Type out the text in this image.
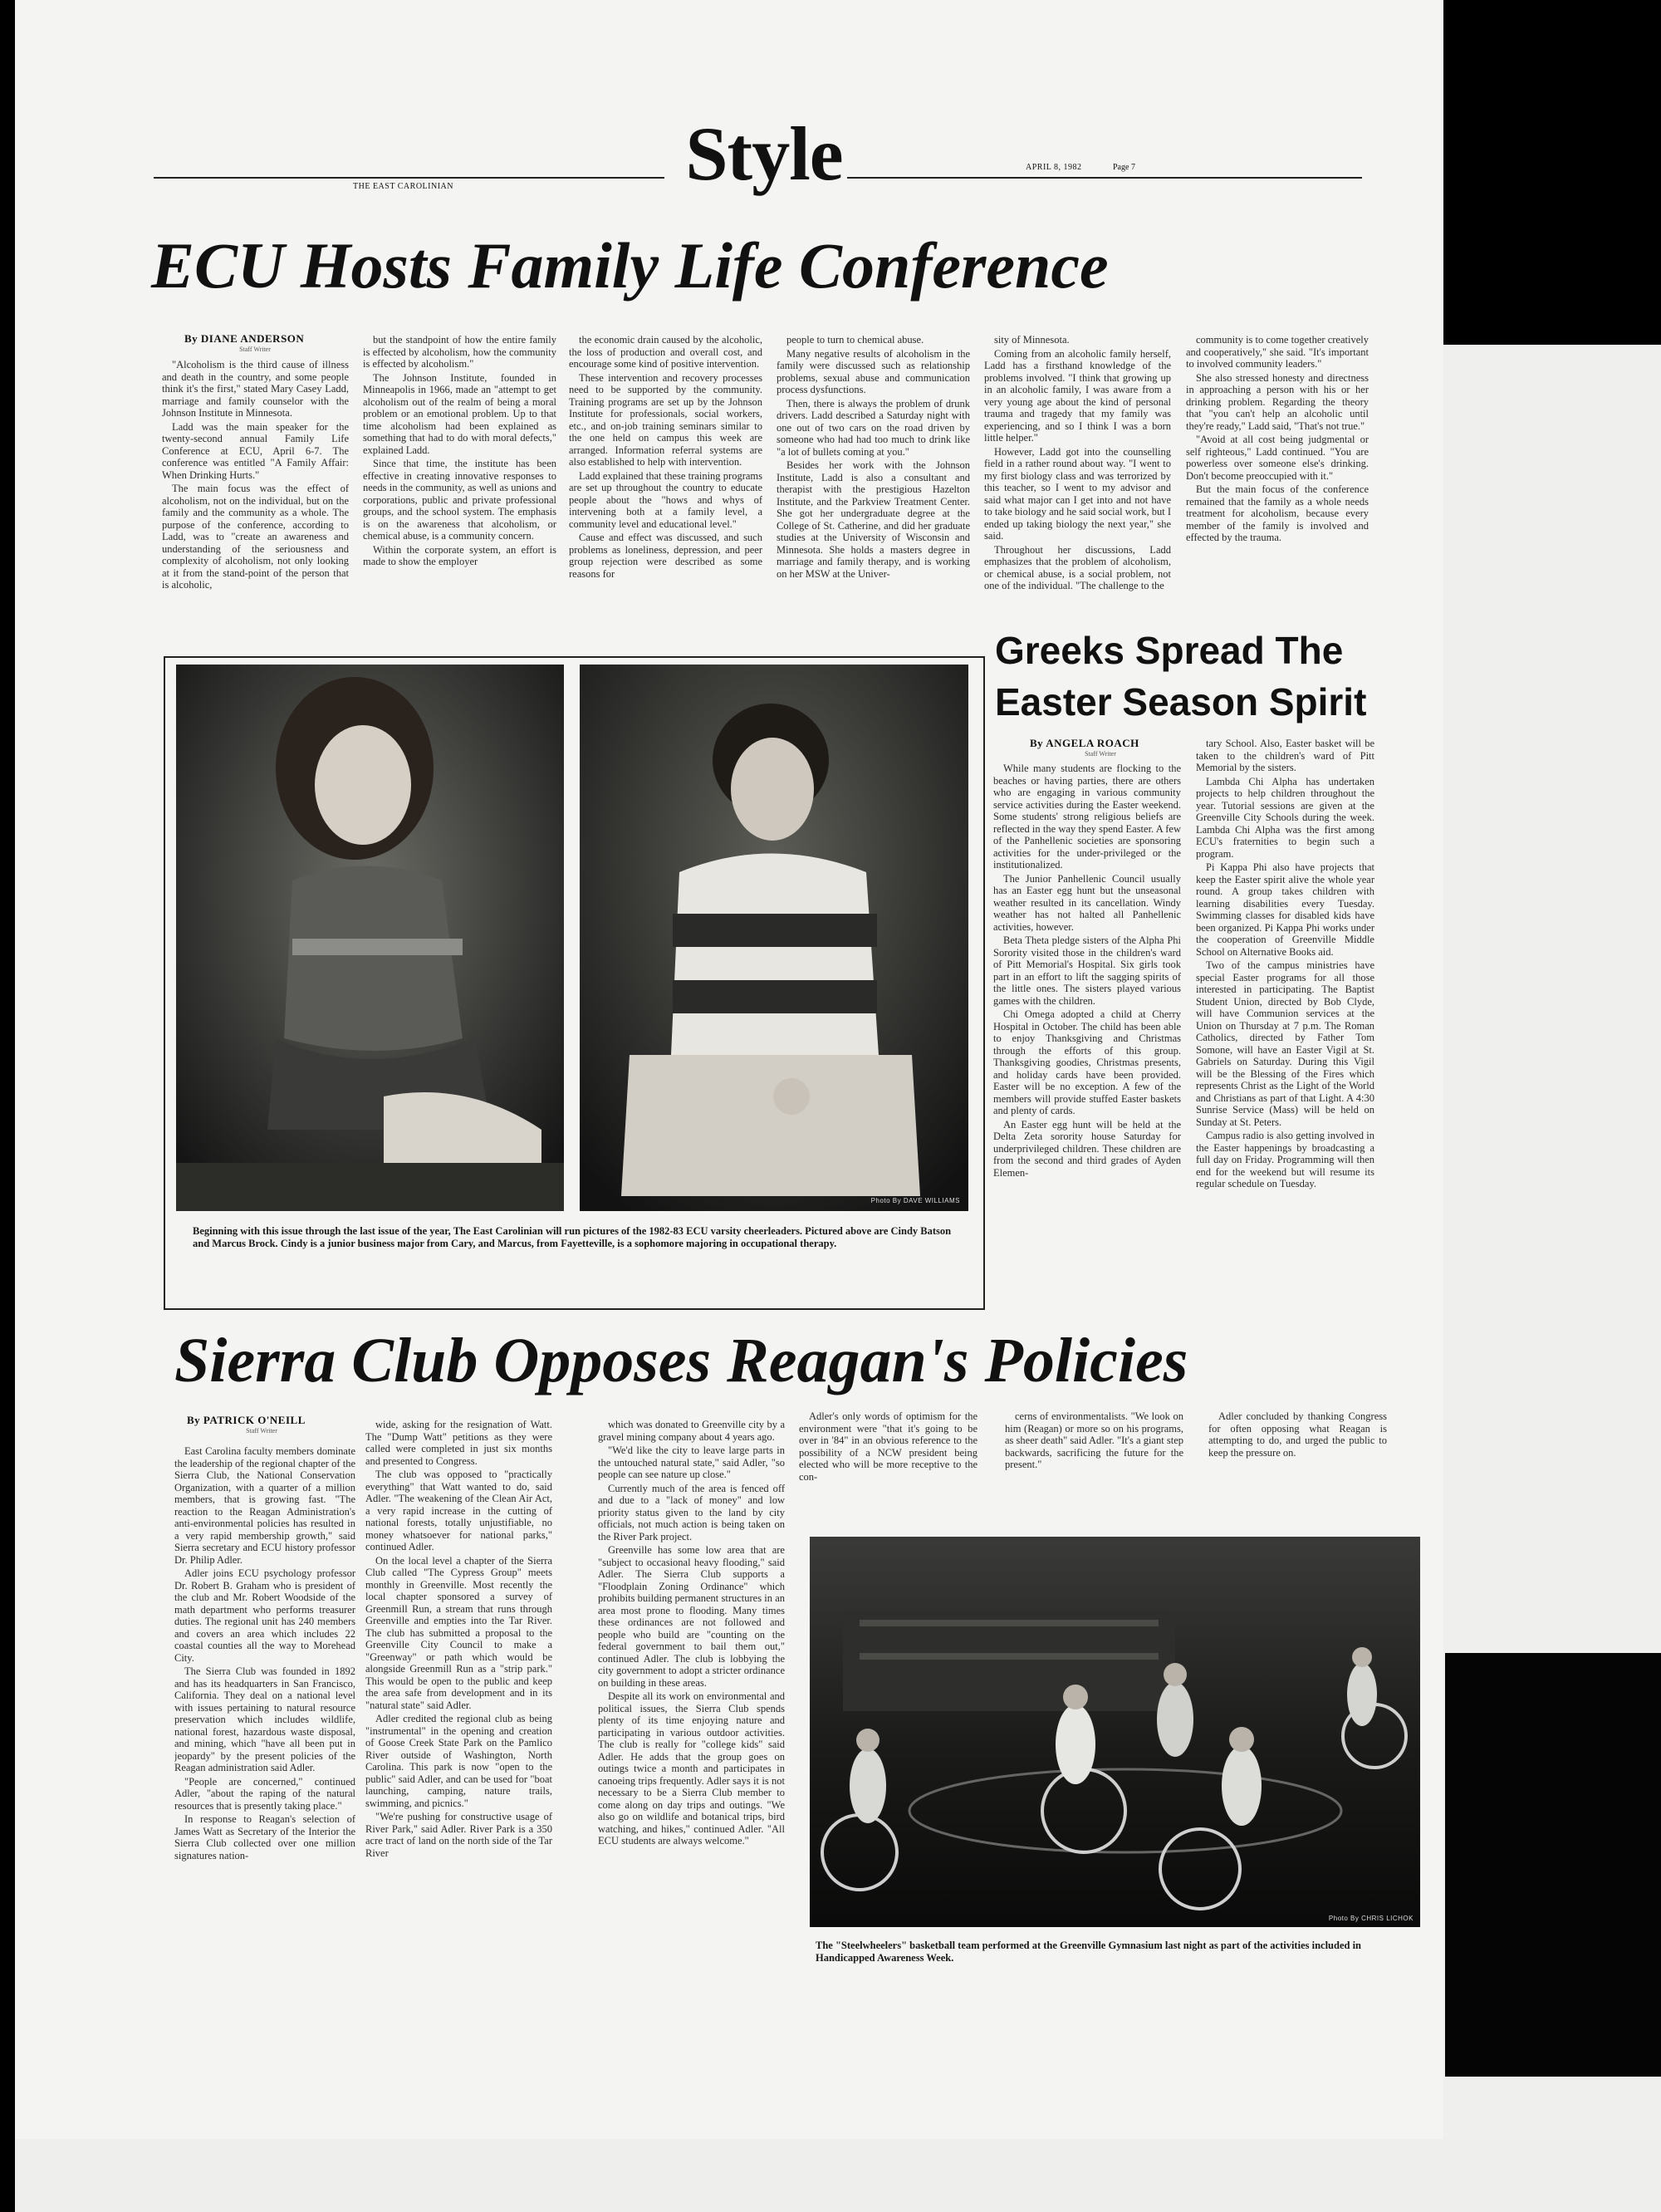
Style
THE EAST CAROLINIAN
APRIL 8, 1982	Page 7
ECU Hosts Family Life Conference

By DIANE ANDERSON

Staff Writer

"Alcoholism is the third cause of illness and death in the country, and some people think it's the first," stated Mary Casey Ladd, marriage and family counselor with the Johnson Institute in Minnesota.

Ladd was the main speaker for the twenty-second annual Family Life Conference at ECU, April 6-7. The conference was entitled "A Family Affair: When Drinking Hurts."

The main focus was the effect of alcoholism, not on the individual, but on the family and the community as a whole. The purpose of the conference, according to Ladd, was to "create an awareness and understanding of the seriousness and complexity of alcoholism, not only looking at it from the stand-point of the person that is alcoholic,

but the standpoint of how the entire family is effected by alcoholism, how the community is effected by alcoholism."

The Johnson Institute, founded in Minneapolis in 1966, made an "attempt to get alcoholism out of the realm of being a moral problem or an emotional problem. Up to that time alcoholism had been explained as something that had to do with moral defects," explained Ladd.

Since that time, the institute has been effective in creating innovative responses to needs in the community, as well as unions and corporations, public and private professional groups, and the school system. The emphasis is on the awareness that alcoholism, or chemical abuse, is a community concern.

Within the corporate system, an effort is made to show the employer

the economic drain caused by the alcoholic, the loss of production and overall cost, and encourage some kind of positive intervention.

These intervention and recovery processes need to be supported by the community. Training programs are set up by the Johnson Institute for professionals, social workers, etc., and on-job training seminars similar to the one held on campus this week are arranged. Information referral systems are also established to help with intervention.

Ladd explained that these training programs are set up throughout the country to educate people about the "hows and whys of intervening both at a family level, a community level and educational level."

Cause and effect was discussed, and such problems as loneliness, depression, and peer group rejection were described as some reasons for

people to turn to chemical abuse.

Many negative results of alcoholism in the family were discussed such as relationship problems, sexual abuse and communication process dysfunctions.

Then, there is always the problem of drunk drivers. Ladd described a Saturday night with one out of two cars on the road driven by someone who had had too much to drink like "a lot of bullets coming at you."

Besides her work with the Johnson Institute, Ladd is also a consultant and therapist with the prestigious Hazelton Institute, and the Parkview Treatment Center. She got her undergraduate degree at the College of St. Catherine, and did her graduate studies at the University of Wisconsin and Minnesota. She holds a masters degree in marriage and family therapy, and is working on her MSW at the Univer-

sity of Minnesota.

Coming from an alcoholic family herself, Ladd has a firsthand knowledge of the problems involved. "I think that growing up in an alcoholic family, I was aware from a very young age about the kind of personal trauma and tragedy that my family was experiencing, and so I think I was a born little helper."

However, Ladd got into the counselling field in a rather round about way. "I went to my first biology class and was terrorized by this teacher, so I went to my advisor and said what major can I get into and not have to take biology and he said social work, but I ended up taking biology the next year," she said.

Throughout her discussions, Ladd emphasizes that the problem of alcoholism, or chemical abuse, is a social problem, not one of the individual. "The challenge to the

community is to come together creatively and cooperatively," she said. "It's important to involved community leaders."

She also stressed honesty and directness in approaching a person with his or her drinking problem. Regarding the theory that "you can't help an alcoholic until they're ready," Ladd said, "That's not true."

"Avoid at all cost being judgmental or self righteous," Ladd continued. "You are powerless over someone else's drinking. Don't become preoccupied with it."

But the main focus of the conference remained that the family as a whole needs treatment for alcoholism, because every member of the family is involved and effected by the trauma.

Photo By DAVE WILLIAMS
Beginning with this issue through the last issue of the year, The East Carolinian will run pictures of the 1982-83 ECU varsity cheerleaders. Pictured above are Cindy Batson and Marcus Brock. Cindy is a junior business major from Cary, and Marcus, from Fayetteville, is a sophomore majoring in occupational therapy.
Greeks Spread The
Easter Season Spirit

By ANGELA ROACH

Staff Writer

While many students are flocking to the beaches or having parties, there are others who are engaging in various community service activities during the Easter weekend. Some students' strong religious beliefs are reflected in the way they spend Easter. A few of the Panhellenic societies are sponsoring activities for the under-privileged or the institutionalized.

The Junior Panhellenic Council usually has an Easter egg hunt but the unseasonal weather resulted in its cancellation. Windy weather has not halted all Panhellenic activities, however.

Beta Theta pledge sisters of the Alpha Phi Sorority visited those in the children's ward of Pitt Memorial's Hospital. Six girls took part in an effort to lift the sagging spirits of the little ones. The sisters played various games with the children.

Chi Omega adopted a child at Cherry Hospital in October. The child has been able to enjoy Thanksgiving and Christmas through the efforts of this group. Thanksgiving goodies, Christmas presents, and holiday cards have been provided. Easter will be no exception. A few of the members will provide stuffed Easter baskets and plenty of cards.

An Easter egg hunt will be held at the Delta Zeta sorority house Saturday for underprivileged children. These children are from the second and third grades of Ayden Elemen-

tary School. Also, Easter basket will be taken to the children's ward of Pitt Memorial by the sisters.

Lambda Chi Alpha has undertaken projects to help children throughout the year. Tutorial sessions are given at the Greenville City Schools during the week. Lambda Chi Alpha was the first among ECU's fraternities to begin such a program.

Pi Kappa Phi also have projects that keep the Easter spirit alive the whole year round. A group takes children with learning disabilities every Tuesday. Swimming classes for disabled kids have been organized. Pi Kappa Phi works under the cooperation of Greenville Middle School on Alternative Books aid.

Two of the campus ministries have special Easter programs for all those interested in participating. The Baptist Student Union, directed by Bob Clyde, will have Communion services at the Union on Thursday at 7 p.m. The Roman Catholics, directed by Father Tom Somone, will have an Easter Vigil at St. Gabriels on Saturday. During this Vigil will be the Blessing of the Fires which represents Christ as the Light of the World and Christians as part of that Light. A 4:30 Sunrise Service (Mass) will be held on Sunday at St. Peters.

Campus radio is also getting involved in the Easter happenings by broadcasting a full day on Friday. Programming will then end for the weekend but will resume its regular schedule on Tuesday.

Sierra Club Opposes Reagan's Policies

By PATRICK O'NEILL

Staff Writer

East Carolina faculty members dominate the leadership of the regional chapter of the Sierra Club, the National Conservation Organization, with a quarter of a million members, that is growing fast. "The reaction to the Reagan Administration's anti-environmental policies has resulted in a very rapid membership growth," said Sierra secretary and ECU history professor Dr. Philip Adler.

Adler joins ECU psychology professor Dr. Robert B. Graham who is president of the club and Mr. Robert Woodside of the math department who performs treasurer duties. The regional unit has 240 members and covers an area which includes 22 coastal counties all the way to Morehead City.

The Sierra Club was founded in 1892 and has its headquarters in San Francisco, California. They deal on a national level with issues pertaining to natural resource preservation which includes wildlife, national forest, hazardous waste disposal, and mining, which "have all been put in jeopardy" by the present policies of the Reagan administration said Adler.

"People are concerned," continued Adler, "about the raping of the natural resources that is presently taking place."

In response to Reagan's selection of James Watt as Secretary of the Interior the Sierra Club collected over one million signatures nation-

wide, asking for the resignation of Watt. The "Dump Watt" petitions as they were called were completed in just six months and presented to Congress.

The club was opposed to "practically everything" that Watt wanted to do, said Adler. "The weakening of the Clean Air Act, a very rapid increase in the cutting of national forests, totally unjustifiable, no money whatsoever for national parks," continued Adler.

On the local level a chapter of the Sierra Club called "The Cypress Group" meets monthly in Greenville. Most recently the local chapter sponsored a survey of Greenmill Run, a stream that runs through Greenville and empties into the Tar River. The club has submitted a proposal to the Greenville City Council to make a "Greenway" or path which would be alongside Greenmill Run as a "strip park." This would be open to the public and keep the area safe from development and in its "natural state" said Adler.

Adler credited the regional club as being "instrumental" in the opening and creation of Goose Creek State Park on the Pamlico River outside of Washington, North Carolina. This park is now "open to the public" said Adler, and can be used for "boat launching, camping, nature trails, swimming, and picnics."

"We're pushing for constructive usage of River Park," said Adler. River Park is a 350 acre tract of land on the north side of the Tar River

which was donated to Greenville city by a gravel mining company about 4 years ago.

"We'd like the city to leave large parts in the untouched natural state," said Adler, "so people can see nature up close."

Currently much of the area is fenced off and due to a "lack of money" and low priority status given to the land by city officials, not much action is being taken on the River Park project.

Greenville has some low area that are "subject to occasional heavy flooding," said Adler. The Sierra Club supports a "Floodplain Zoning Ordinance" which prohibits building permanent structures in an area most prone to flooding. Many times these ordinances are not followed and people who build are "counting on the federal government to bail them out," continued Adler. The club is lobbying the city government to adopt a stricter ordinance on building in these areas.

Despite all its work on environmental and political issues, the Sierra Club spends plenty of its time enjoying nature and participating in various outdoor activities. The club is really for "college kids" said Adler. He adds that the group goes on outings twice a month and participates in canoeing trips frequently. Adler says it is not necessary to be a Sierra Club member to come along on day trips and outings. "We also go on wildlife and botanical trips, bird watching, and hikes," continued Adler. "All ECU students are always welcome."

Adler's only words of optimism for the environment were "that it's going to be over in '84" in an obvious reference to the possibility of a NCW president being elected who will be more receptive to the con-

cerns of environmentalists. "We look on him (Reagan) or more so on his programs, as sheer death" said Adler. "It's a giant step backwards, sacrificing the future for the present."

Adler concluded by thanking Congress for often opposing what Reagan is attempting to do, and urged the public to keep the pressure on.

Photo By CHRIS LICHOK
The "Steelwheelers" basketball team performed at the Greenville Gymnasium last night as part of the activities included in Handicapped Awareness Week.
